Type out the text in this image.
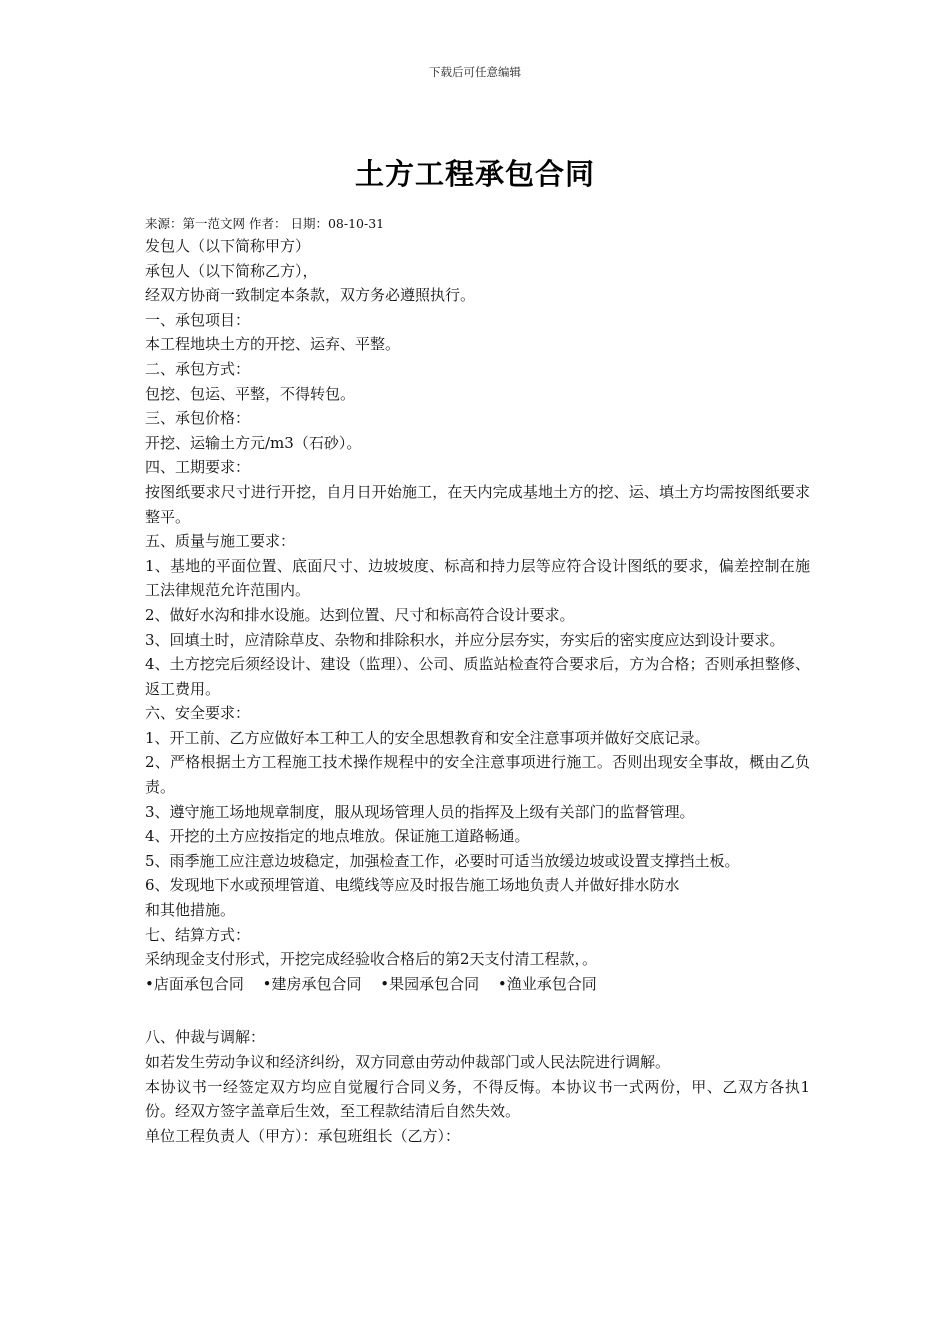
下载后可任意编辑
土方工程承包合同
来源：第一范文网 作者： 日期：08-10-31

发包人（以下简称甲方）

承包人（以下简称乙方），

经双方协商一致制定本条款，双方务必遵照执行。

一、承包项目：

本工程地块土方的开挖、运弃、平整。

二、承包方式：

包挖、包运、平整，不得转包。

三、承包价格：

开挖、运输土方元/m3（石砂）。

四、工期要求：

按图纸要求尺寸进行开挖，自月日开始施工，在天内完成基地土方的挖、运、填土方均需按图纸要求整平。

五、质量与施工要求：

1、基地的平面位置、底面尺寸、边坡坡度、标高和持力层等应符合设计图纸的要求，偏差控制在施工法律规范允许范围内。

2、做好水沟和排水设施。达到位置、尺寸和标高符合设计要求。

3、回填土时，应清除草皮、杂物和排除积水，并应分层夯实，夯实后的密实度应达到设计要求。

4、土方挖完后须经设计、建设（监理）、公司、质监站检查符合要求后，方为合格；否则承担整修、返工费用。

六、安全要求：

1、开工前、乙方应做好本工种工人的安全思想教育和安全注意事项并做好交底记录。

2、严格根据土方工程施工技术操作规程中的安全注意事项进行施工。否则出现安全事故，概由乙负责。

3、遵守施工场地规章制度，服从现场管理人员的指挥及上级有关部门的监督管理。

4、开挖的土方应按指定的地点堆放。保证施工道路畅通。

5、雨季施工应注意边坡稳定，加强检查工作，必要时可适当放缓边坡或设置支撑挡土板。

6、发现地下水或预埋管道、电缆线等应及时报告施工场地负责人并做好排水防水

和其他措施。

七、结算方式：

采纳现金支付形式，开挖完成经验收合格后的第2天支付清工程款，。

•店面承包合同 •建房承包合同 •果园承包合同 •渔业承包合同

八、仲裁与调解：

如若发生劳动争议和经济纠纷，双方同意由劳动仲裁部门或人民法院进行调解。

本协议书一经签定双方均应自觉履行合同义务，不得反悔。本协议书一式两份，甲、乙双方各执1份。经双方签字盖章后生效，至工程款结清后自然失效。

单位工程负责人（甲方）：承包班组长（乙方）：
